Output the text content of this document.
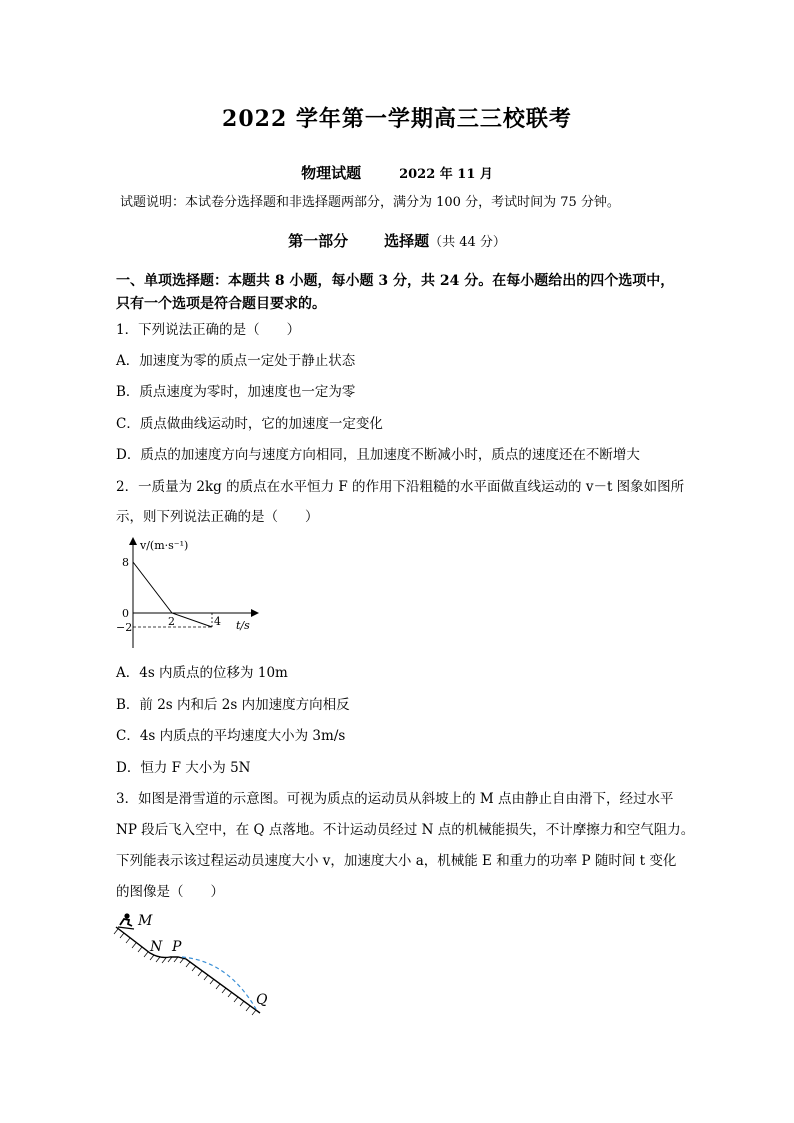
2022 学年第一学期高三三校联考
物理试题	2022 年 11 月
试题说明：本试卷分选择题和非选择题两部分，满分为 100 分，考试时间为 75 分钟。
第一部分 选择题（共 44 分）
一、单项选择题：本题共 8 小题，每小题 3 分，共 24 分。在每小题给出的四个选项中，
只有一个选项是符合题目要求的。
1．下列说法正确的是（　　）
A．加速度为零的质点一定处于静止状态
B．质点速度为零时，加速度也一定为零
C．质点做曲线运动时，它的加速度一定变化
D．质点的加速度方向与速度方向相同，且加速度不断减小时，质点的速度还在不断增大
2．一质量为 2kg 的质点在水平恒力 F 的作用下沿粗糙的水平面做直线运动的 v－t 图象如图所
示，则下列说法正确的是（　　）
v/(m·s⁻¹)
8
0
−2	2	4 t/s
A．4s 内质点的位移为 10m
B．前 2s 内和后 2s 内加速度方向相反
C．4s 内质点的平均速度大小为 3m/s
D．恒力 F 大小为 5N
3．如图是滑雪道的示意图。可视为质点的运动员从斜坡上的 M 点由静止自由滑下，经过水平
NP 段后飞入空中，在 Q 点落地。不计运动员经过 N 点的机械能损失，不计摩擦力和空气阻力。
下列能表示该过程运动员速度大小 v，加速度大小 a，机械能 E 和重力的功率 P 随时间 t 变化
的图像是（　　）
M
N P
Q
